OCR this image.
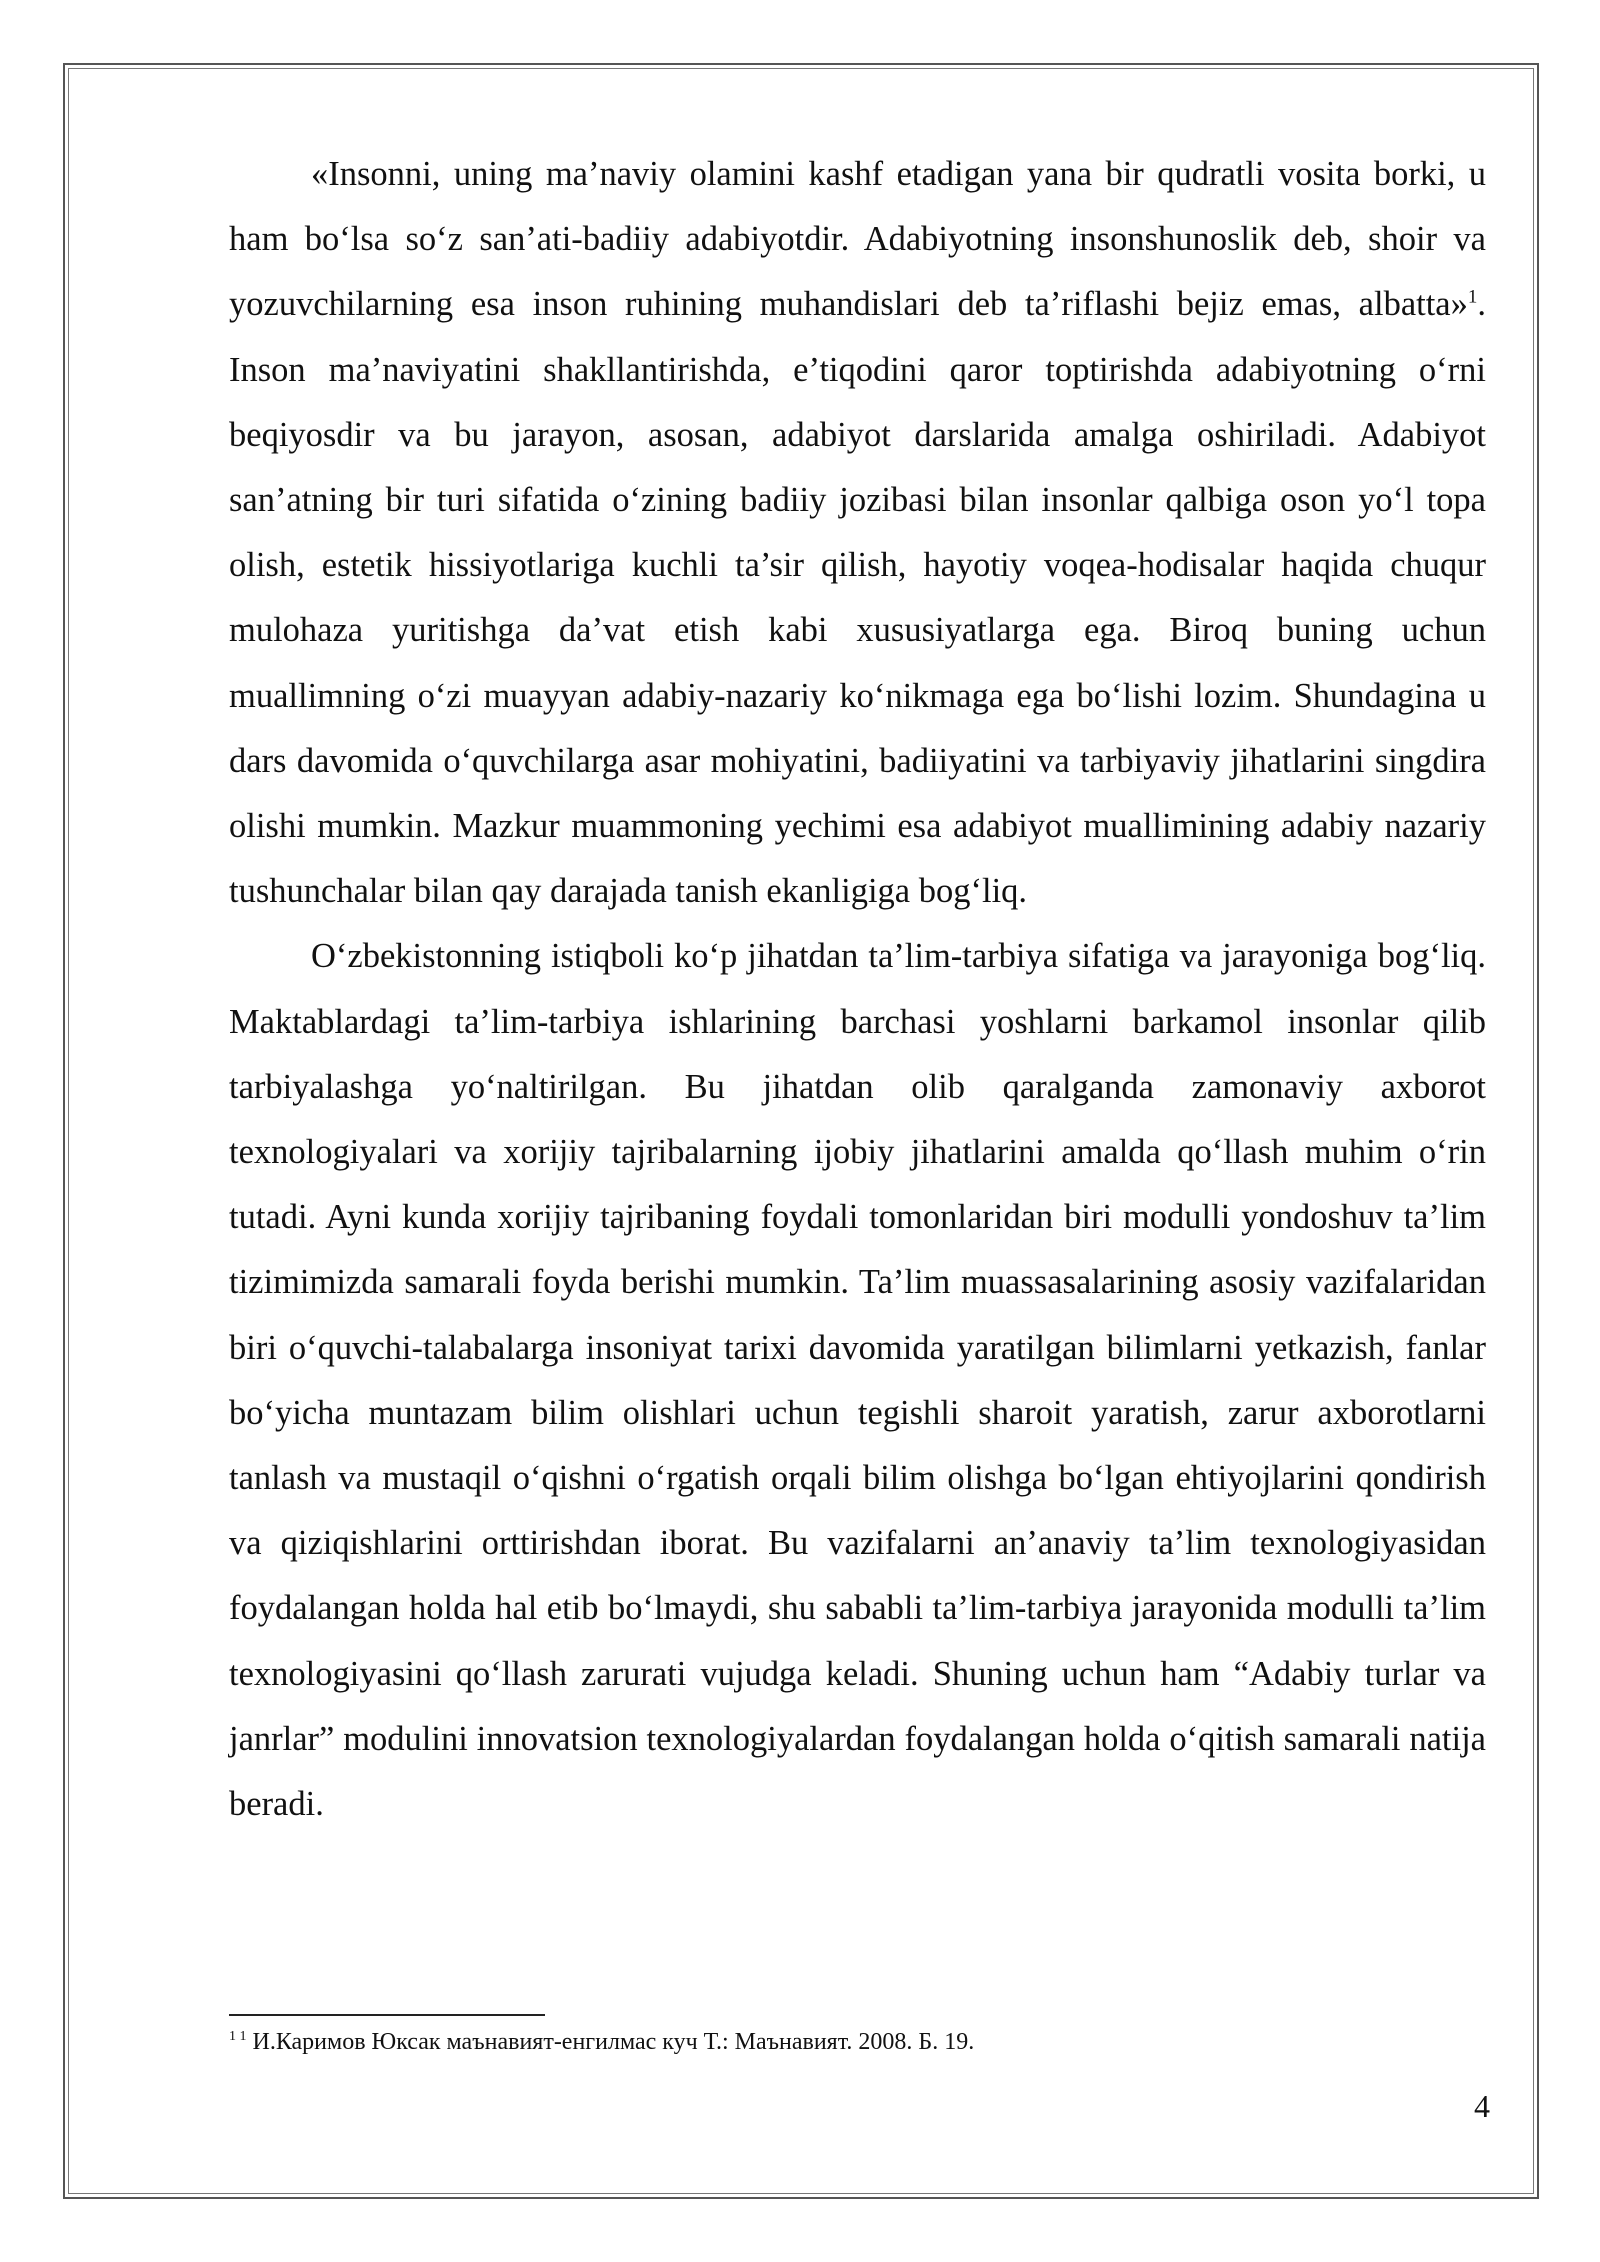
«Insonni, uning ma’naviy olamini kashf etadigan yana bir qudratli vosita borki, u ham bo‘lsa so‘z san’ati-badiiy adabiyotdir. Adabiyotning insonshunoslik deb, shoir va yozuvchilarning esa inson ruhining muhandislari deb ta’riflashi bejiz emas, albatta»$^1$. Inson ma’naviyatini shakllantirishda, e’tiqodini qaror toptirishda adabiyotning o‘rni beqiyosdir va bu jarayon, asosan, adabiyot darslarida amalga oshiriladi. Adabiyot san’atning bir turi sifatida o‘zining badiiy jozibasi bilan insonlar qalbiga oson yo‘l topa olish, estetik hissiyotlariga kuchli ta’sir qilish, hayotiy voqea-hodisalar haqida chuqur mulohaza yuritishga da’vat etish kabi xususiyatlarga ega. Biroq buning uchun muallimning o‘zi muayyan adabiy-nazariy ko‘nikmaga ega bo‘lishi lozim. Shundagina u dars davomida o‘quvchilarga asar mohiyatini, badiiyatini va tarbiyaviy jihatlarini singdira olishi mumkin. Mazkur muammoning yechimi esa adabiyot muallimining adabiy nazariy tushunchalar bilan qay darajada tanish ekanligiga bog‘liq.

O‘zbekistonning istiqboli ko‘p jihatdan ta’lim-tarbiya sifatiga va jarayoniga bog‘liq. Maktablardagi ta’lim-tarbiya ishlarining barchasi yoshlarni barkamol insonlar qilib tarbiyalashga yo‘naltirilgan. Bu jihatdan olib qaralganda zamonaviy axborot texnologiyalari va xorijiy tajribalarning ijobiy jihatlarini amalda qo‘llash muhim o‘rin tutadi. Ayni kunda xorijiy tajribaning foydali tomonlaridan biri modulli yondoshuv ta’lim tizimimizda samarali foyda berishi mumkin. Ta’lim muassasalarining asosiy vazifalaridan biri o‘quvchi-talabalarga insoniyat tarixi davomida yaratilgan bilimlarni yetkazish, fanlar bo‘yicha muntazam bilim olishlari uchun tegishli sharoit yaratish, zarur axborotlarni tanlash va mustaqil o‘qishni o‘rgatish orqali bilim olishga bo‘lgan ehtiyojlarini qondirish va qiziqishlarini orttirishdan iborat. Bu vazifalarni an’anaviy ta’lim texnologiyasidan foydalangan holda hal etib bo‘lmaydi, shu sababli ta’lim-tarbiya jarayonida modulli ta’lim texnologiyasini qo‘llash zarurati vujudga keladi. Shuning uchun ham “Adabiy turlar va janrlar” modulini innovatsion texnologiyalardan foydalangan holda o‘qitish samarali natija beradi.

$^{1 1}$ И.Каримов Юксак маънавият-енгилмас куч Т.: Маънавият. 2008. Б. 19.
4
